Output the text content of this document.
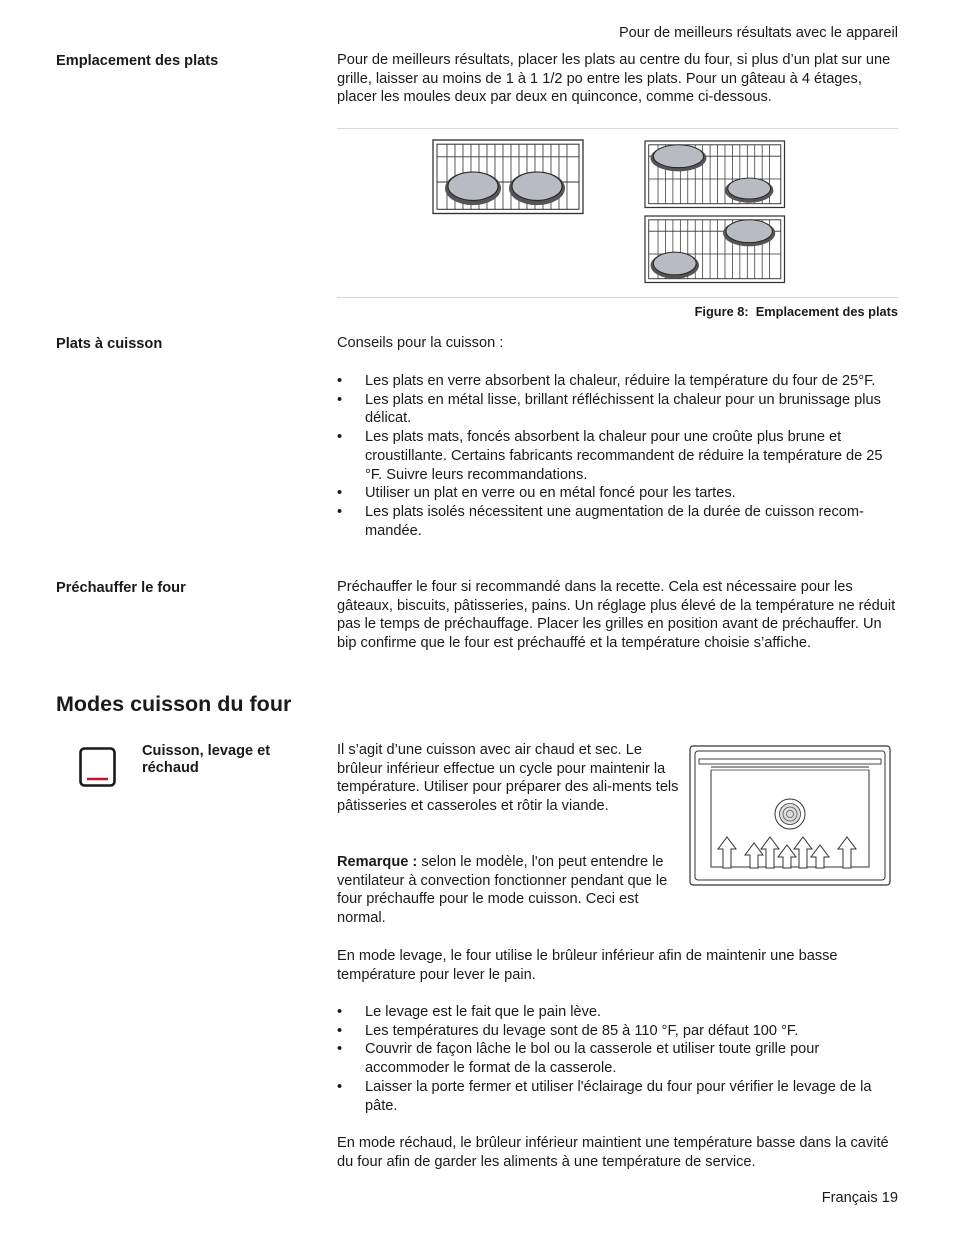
Pour de meilleurs résultats avec le appareil
Emplacement des plats	Pour de meilleurs résultats, placer les plats au centre du four, si plus d’un plat sur une grille, laisser au moins de 1 à 1 1/2 po entre les plats. Pour un gâteau à 4 étages, placer les moules deux par deux en quinconce, comme ci-dessous.
Figure 8:  Emplacement des plats
Plats à cuisson	Conseils pour la cuisson :
• Les plats en verre absorbent la chaleur, réduire la température du four de 25°F.
• Les plats en métal lisse, brillant réfléchissent la chaleur pour un brunissage plus délicat.
• Les plats mats, foncés absorbent la chaleur pour une croûte plus brune et croustillante. Certains fabricants recommandent de réduire la température de 25 °F. Suivre leurs recommandations.
• Utiliser un plat en verre ou en métal foncé pour les tartes.
• Les plats isolés nécessitent une augmentation de la durée de cuisson recom-mandée.
Préchauffer le four	Préchauffer le four si recommandé dans la recette. Cela est nécessaire pour les gâteaux, biscuits, pâtisseries, pains. Un réglage plus élevé de la température ne réduit pas le temps de préchauffage. Placer les grilles en position avant de préchauffer. Un bip confirme que le four est préchauffé et la température choisie s’affiche.
Modes cuisson du four
Cuisson, levage et réchaud
Il s’agit d’une cuisson avec air chaud et sec. Le brûleur inférieur effectue un cycle pour maintenir la température. Utiliser pour préparer des ali-ments tels pâtisseries et casseroles et rôtir la viande.
Remarque : selon le modèle, l'on peut entendre le ventilateur à convection fonctionner pendant que le four préchauffe pour le mode cuisson. Ceci est normal.
En mode levage, le four utilise le brûleur inférieur afin de maintenir une basse température pour lever le pain.
• Le levage est le fait que le pain lève.
• Les températures du levage sont de 85 à 110 °F, par défaut 100 °F.
• Couvrir de façon lâche le bol ou la casserole et utiliser toute grille pour accommoder le format de la casserole.
• Laisser la porte fermer et utiliser l'éclairage du four pour vérifier le levage de la pâte.
En mode réchaud, le brûleur inférieur maintient une température basse dans la cavité du four afin de garder les aliments à une température de service.
Français 19
